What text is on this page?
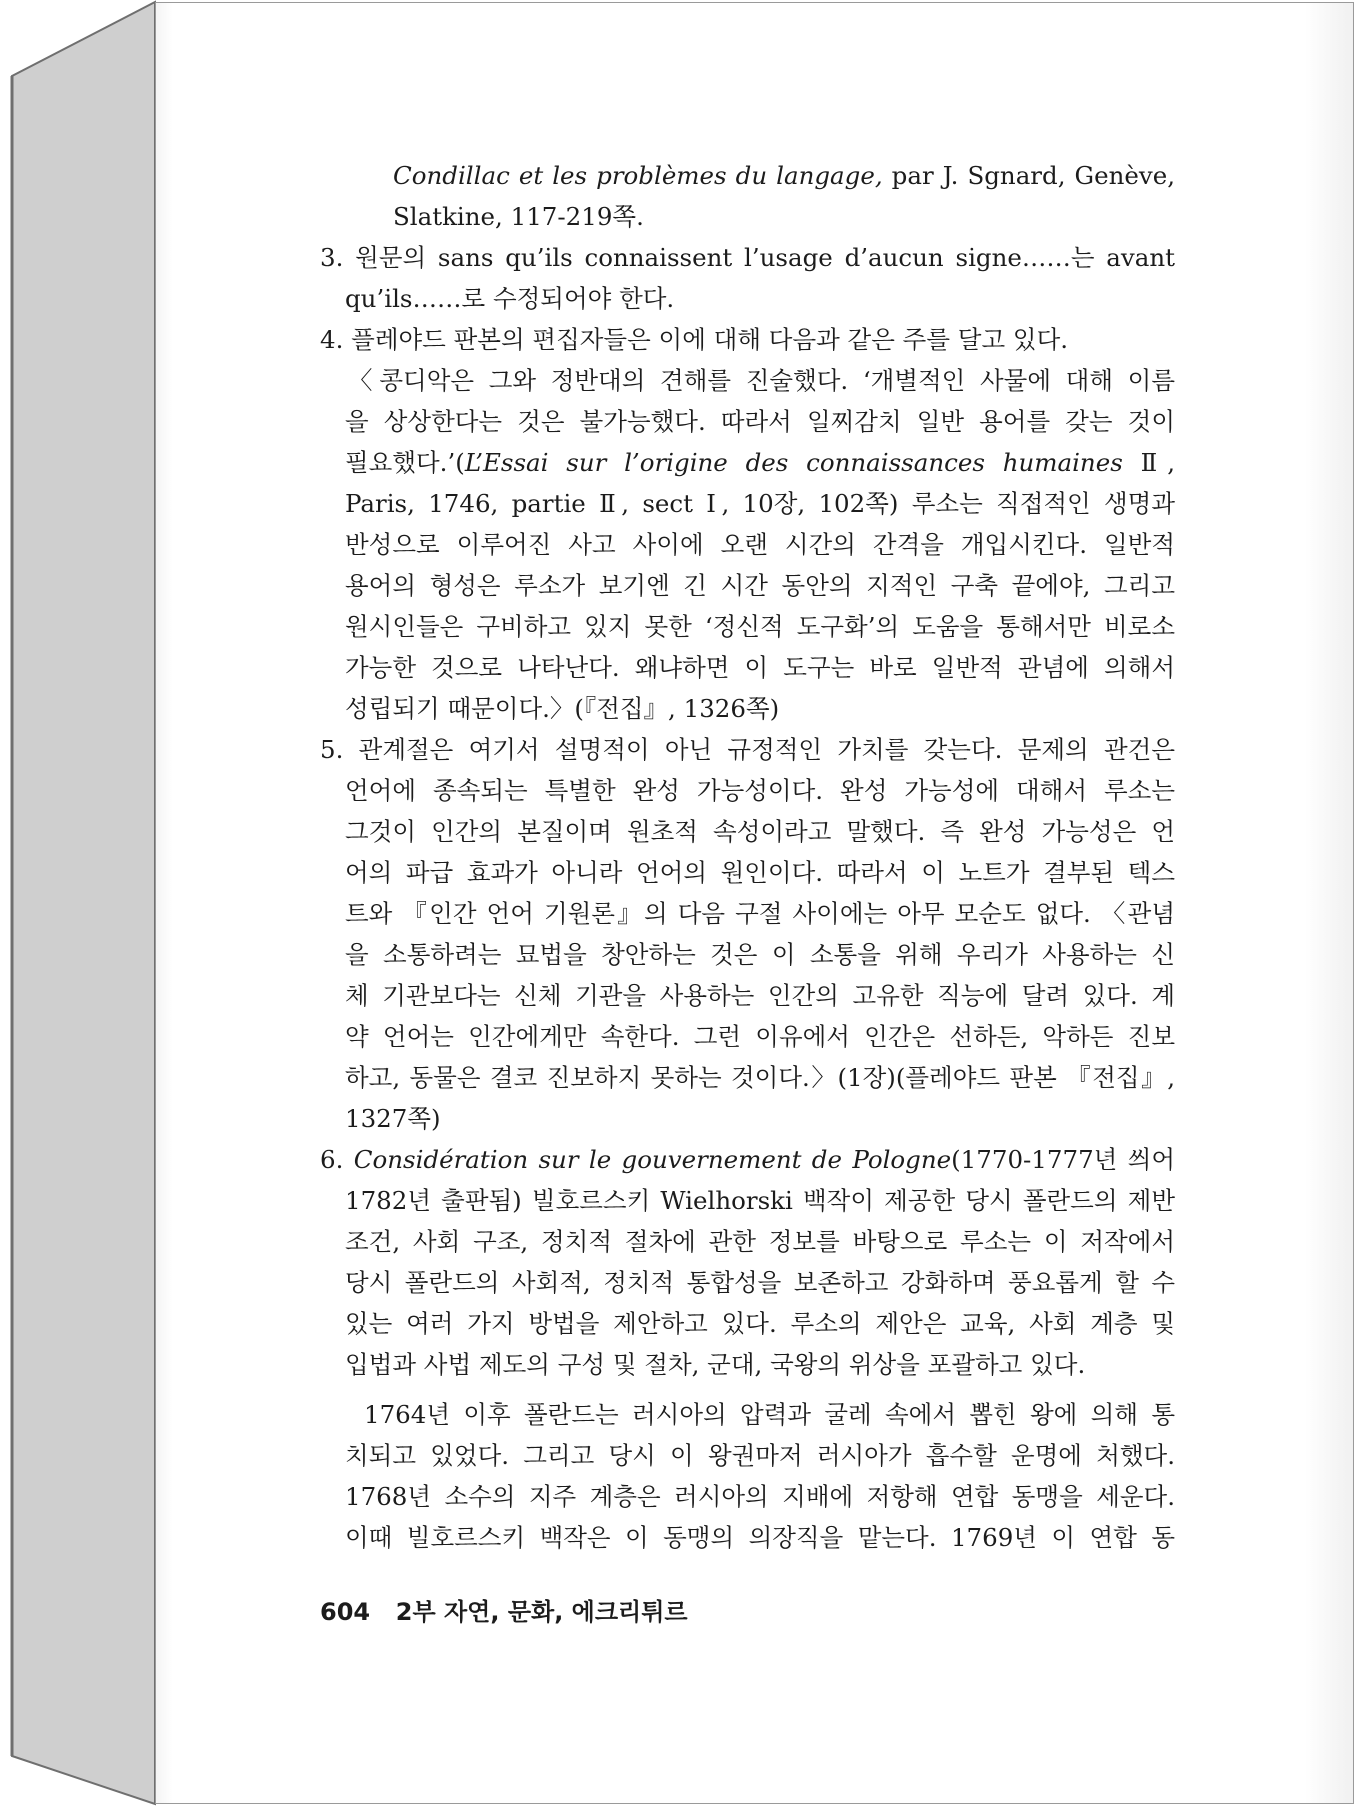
Condillac et les problèmes du langage, par J. Sgnard, Genève,
Slatkine, 117-219쪽.
3. 원문의 sans qu’ils connaissent l’usage d’aucun signe……는 avant
qu’ils……로 수정되어야 한다.
4. 플레야드 판본의 편집자들은 이에 대해 다음과 같은 주를 달고 있다.
〈콩디악은 그와 정반대의 견해를 진술했다. ‘개별적인 사물에 대해 이름
을 상상한다는 것은 불가능했다. 따라서 일찌감치 일반 용어를 갖는 것이
필요했다.’(L’Essai sur l’origine des connaissances humaines Ⅱ,
Paris, 1746, partie Ⅱ, sect Ⅰ, 10장, 102쪽) 루소는 직접적인 생명과
반성으로 이루어진 사고 사이에 오랜 시간의 간격을 개입시킨다. 일반적
용어의 형성은 루소가 보기엔 긴 시간 동안의 지적인 구축 끝에야, 그리고
원시인들은 구비하고 있지 못한 ‘정신적 도구화’의 도움을 통해서만 비로소
가능한 것으로 나타난다. 왜냐하면 이 도구는 바로 일반적 관념에 의해서
성립되기 때문이다.〉(『전집』, 1326쪽)
5. 관계절은 여기서 설명적이 아닌 규정적인 가치를 갖는다. 문제의 관건은
언어에 종속되는 특별한 완성 가능성이다. 완성 가능성에 대해서 루소는
그것이 인간의 본질이며 원초적 속성이라고 말했다. 즉 완성 가능성은 언
어의 파급 효과가 아니라 언어의 원인이다. 따라서 이 노트가 결부된 텍스
트와 『인간 언어 기원론』의 다음 구절 사이에는 아무 모순도 없다. 〈관념
을 소통하려는 묘법을 창안하는 것은 이 소통을 위해 우리가 사용하는 신
체 기관보다는 신체 기관을 사용하는 인간의 고유한 직능에 달려 있다. 계
약 언어는 인간에게만 속한다. 그런 이유에서 인간은 선하든, 악하든 진보
하고, 동물은 결코 진보하지 못하는 것이다.〉(1장)(플레야드 판본 『전집』,
1327쪽)
6. Considération sur le gouvernement de Pologne(1770-1777년 씌어
1782년 출판됨) 빌호르스키 Wielhorski 백작이 제공한 당시 폴란드의 제반
조건, 사회 구조, 정치적 절차에 관한 정보를 바탕으로 루소는 이 저작에서
당시 폴란드의 사회적, 정치적 통합성을 보존하고 강화하며 풍요롭게 할 수
있는 여러 가지 방법을 제안하고 있다. 루소의 제안은 교육, 사회 계층 및
입법과 사법 제도의 구성 및 절차, 군대, 국왕의 위상을 포괄하고 있다.
1764년 이후 폴란드는 러시아의 압력과 굴레 속에서 뽑힌 왕에 의해 통
치되고 있었다. 그리고 당시 이 왕권마저 러시아가 흡수할 운명에 처했다.
1768년 소수의 지주 계층은 러시아의 지배에 저항해 연합 동맹을 세운다.
이때 빌호르스키 백작은 이 동맹의 의장직을 맡는다. 1769년 이 연합 동
604 2부 자연, 문화, 에크리튀르
